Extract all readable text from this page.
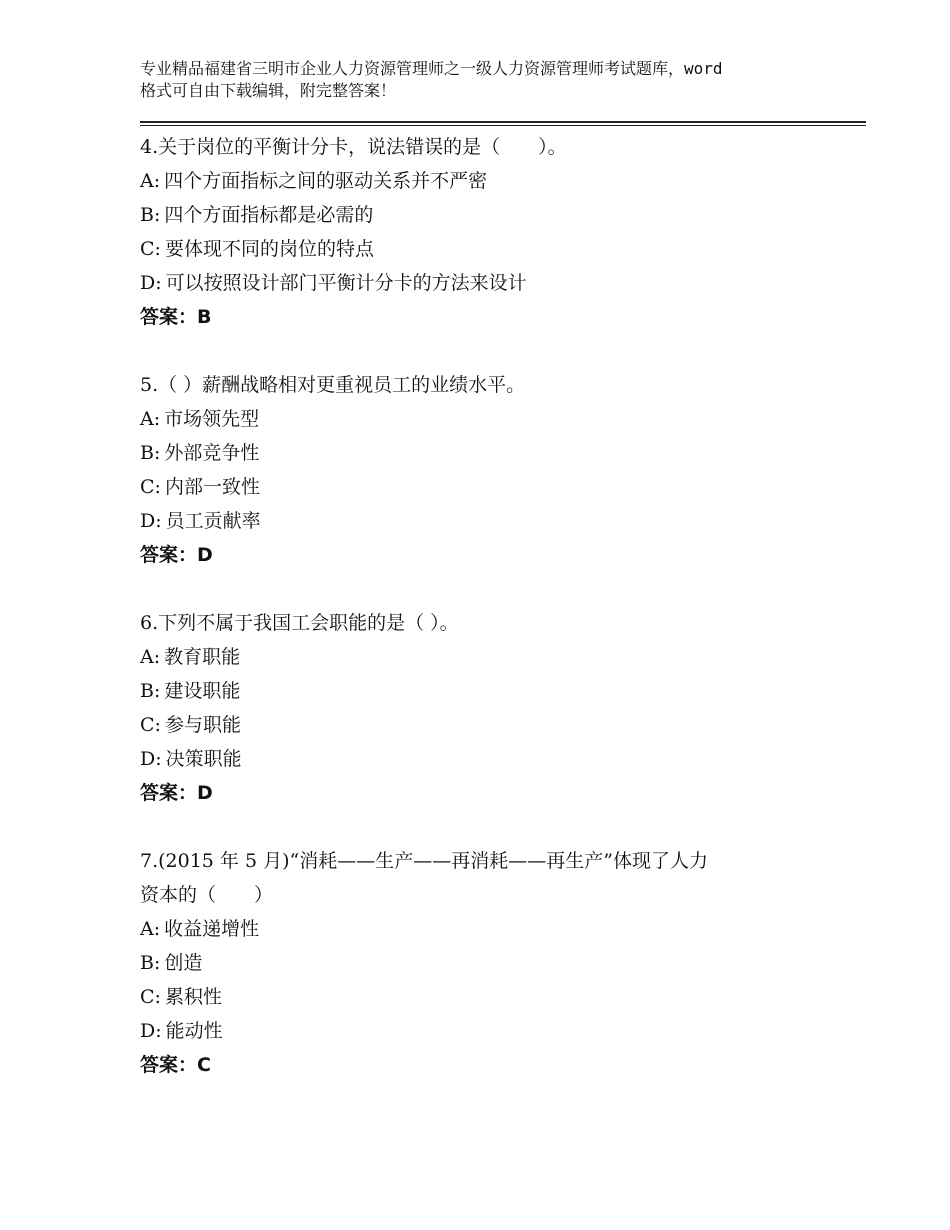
专业精品福建省三明市企业人力资源管理师之一级人力资源管理师考试题库，word
格式可自由下载编辑，附完整答案！
4.关于岗位的平衡计分卡，说法错误的是（　　）。
A: 四个方面指标之间的驱动关系并不严密
B: 四个方面指标都是必需的
C: 要体现不同的岗位的特点
D: 可以按照设计部门平衡计分卡的方法来设计
答案：B
5.（ ）薪酬战略相对更重视员工的业绩水平。
A: 市场领先型
B: 外部竞争性
C: 内部一致性
D: 员工贡献率
答案：D
6.下列不属于我国工会职能的是（ ）。
A: 教育职能
B: 建设职能
C: 参与职能
D: 决策职能
答案：D
7.(2015 年 5 月)“消耗——生产——再消耗——再生产”体现了人力
资本的（　　）
A: 收益递增性
B: 创造
C: 累积性
D: 能动性
答案：C
